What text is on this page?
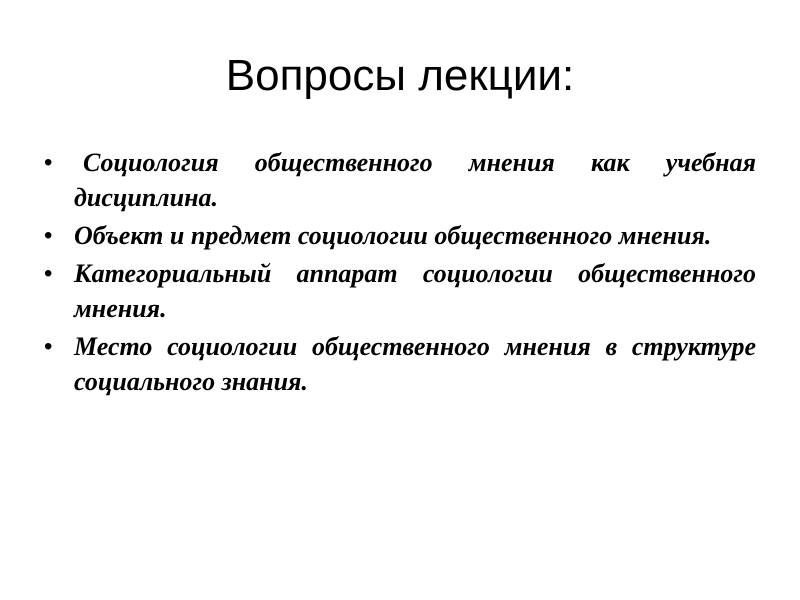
Вопросы лекции:
• Социология общественного мнения как учебная дисциплина.
• Объект и предмет социологии общественного мнения.
• Категориальный аппарат социологии общественного мнения.
• Место социологии общественного мнения в структуре социального знания.
